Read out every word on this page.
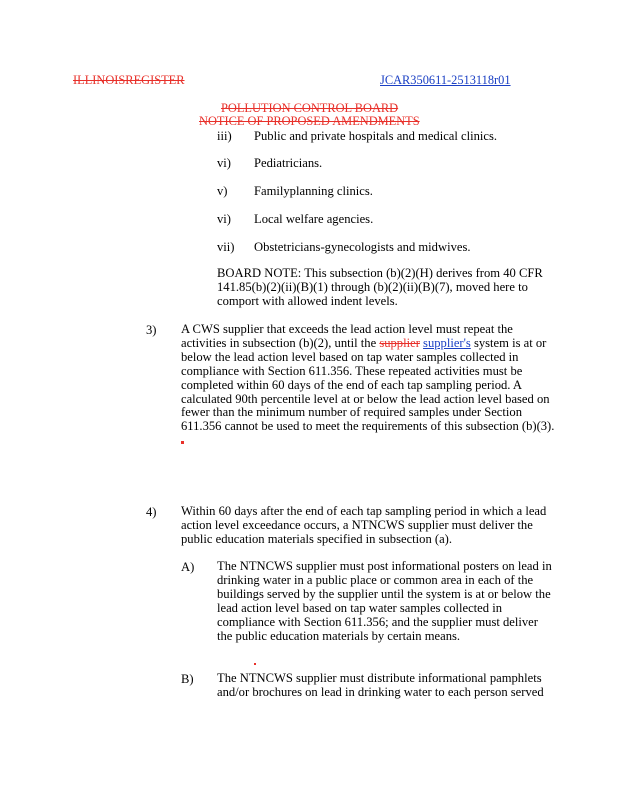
ILLINOISREGISTER	JCAR350611-2513118r01
POLLUTION CONTROL BOARD
NOTICE OF PROPOSED AMENDMENTS
iii) Public and private hospitals and medical clinics.
vi) Pediatricians.
v) Familyplanning clinics.
vi) Local welfare agencies.
vii) Obstetricians-gynecologists and midwives.
BOARD NOTE: This subsection (b)(2)(H) derives from 40 CFR
141.85(b)(2)(ii)(B)(1) through (b)(2)(ii)(B)(7), moved here to
comport with allowed indent levels.
3) A CWS supplier that exceeds the lead action level must repeat the
activities in subsection (b)(2), until the supplier supplier's system is at or
below the lead action level based on tap water samples collected in
compliance with Section 611.356. These repeated activities must be
completed within 60 days of the end of each tap sampling period. A
calculated 90th percentile level at or below the lead action level based on
fewer than the minimum number of required samples under Section
611.356 cannot be used to meet the requirements of this subsection (b)(3).
4) Within 60 days after the end of each tap sampling period in which a lead
action level exceedance occurs, a NTNCWS supplier must deliver the
public education materials specified in subsection (a).
A) The NTNCWS supplier must post informational posters on lead in
drinking water in a public place or common area in each of the
buildings served by the supplier until the system is at or below the
lead action level based on tap water samples collected in
compliance with Section 611.356; and the supplier must deliver
the public education materials by certain means.
B) The NTNCWS supplier must distribute informational pamphlets
and/or brochures on lead in drinking water to each person served
